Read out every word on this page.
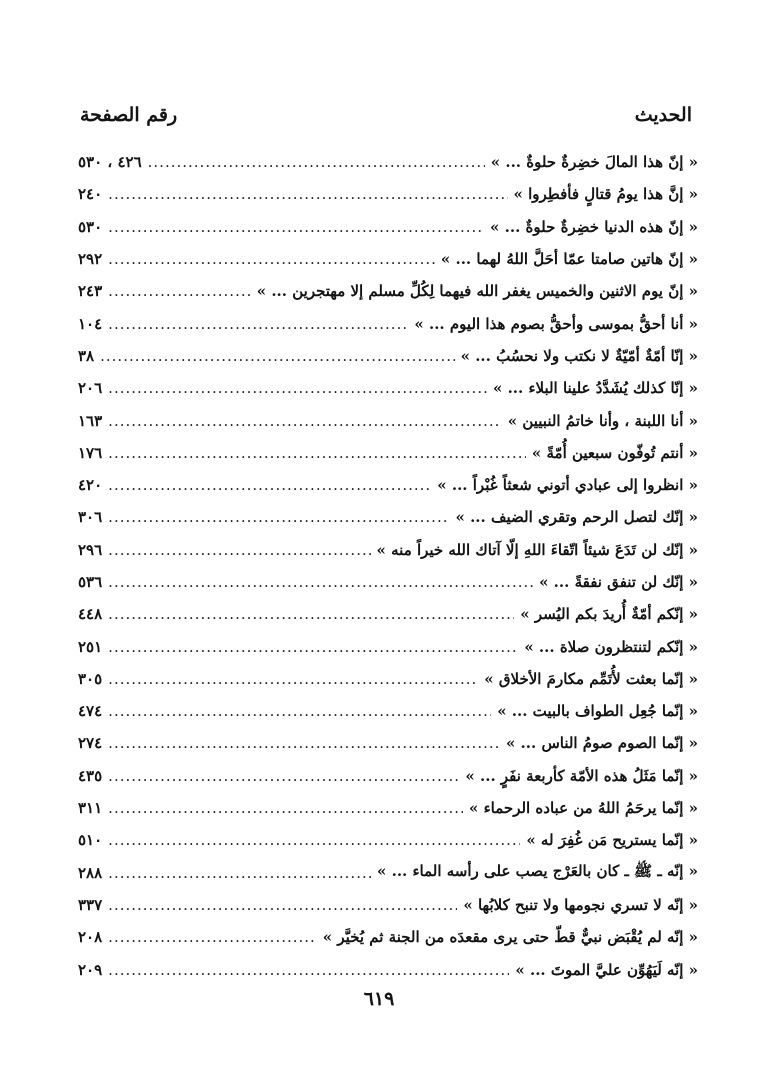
الحديث
رقم الصفحة
« إنّ هذا المالَ خضِرةٌ حلوةٌ ... »
.....
٤٢٦ ، ٥٣٠
« إنَّ هذا يومُ قتالٍ فأفطِروا »
.....
٢٤٠
« إنّ هذه الدنيا خضِرةٌ حلوةٌ ... »
.....
٥٣٠
« إنّ هاتين صامتا عمّا أحَلَّ اللهُ لهما ... »
.....
٢٩٢
« إنّ يوم الاثنين والخميس يغفر الله فيهما لِكُلِّ مسلم إلا مهتجرين ... »
.....
٢٤٣
« أنا أحقُّ بموسى وأحقُّ بصوم هذا اليوم ... »
.....
١٠٤
« إنّا أمّةٌ أمّيّةٌ لا نكتب ولا نحسُبُ ... »
.....
٣٨
« إنّا كذلك يُشَدَّدُ علينا البلاء ... »
.....
٢٠٦
« أنا اللبنة ، وأنا خاتمُ النبيين »
.....
١٦٣
« أنتم تُوفّون سبعين أُمّةً »
.....
١٧٦
« انظروا إلى عبادي أتوني شعثاً غُبْراً ... »
.....
٤٢٠
« إنّك لتصل الرحم وتقري الضيف ... »
.....
٣٠٦
« إنّك لن تَدَعَ شيئاً اتّقاءَ اللهِ إلّا آتاك الله خيراً منه »
.....
٢٩٦
« إنّك لن تنفق نفقةً ... »
.....
٥٣٦
« إنّكم أمّةٌ أُريدَ بكم اليُسر »
.....
٤٤٨
« إنّكم لتنتظرون صلاة ... »
.....
٢٥١
« إنّما بعثت لأُتَمِّم مكارمَ الأخلاق »
.....
٣٠٥
« إنّما جُعِل الطواف بالبيت ... »
.....
٤٧٤
« إنّما الصوم صومُ الناس ... »
.....
٢٧٤
« إنّما مَثَلُ هذه الأمّة كأربعة نفَرٍ ... »
.....
٤٣٥
« إنّما يرحَمُ اللهُ من عباده الرحماء »
.....
٣١١
« إنّما يستريح مَن غُفِرَ له »
.....
٥١٠
« إنّه ـ ﷺ ـ كان بالعَرْج يصب على رأسه الماء ... »
.....
٢٨٨
« إنّه لا تسري نجومها ولا تنبح كلابُها »
.....
٣٣٧
« إنّه لم يُقْبَض نبيٌّ قطّ حتى يرى مقعدَه من الجنة ثم يُخيَّر »
.....
٢٠٨
« إنّه لَيَهُوِّن عليَّ الموتَ ... »
.....
٢٠٩
٦١٩
